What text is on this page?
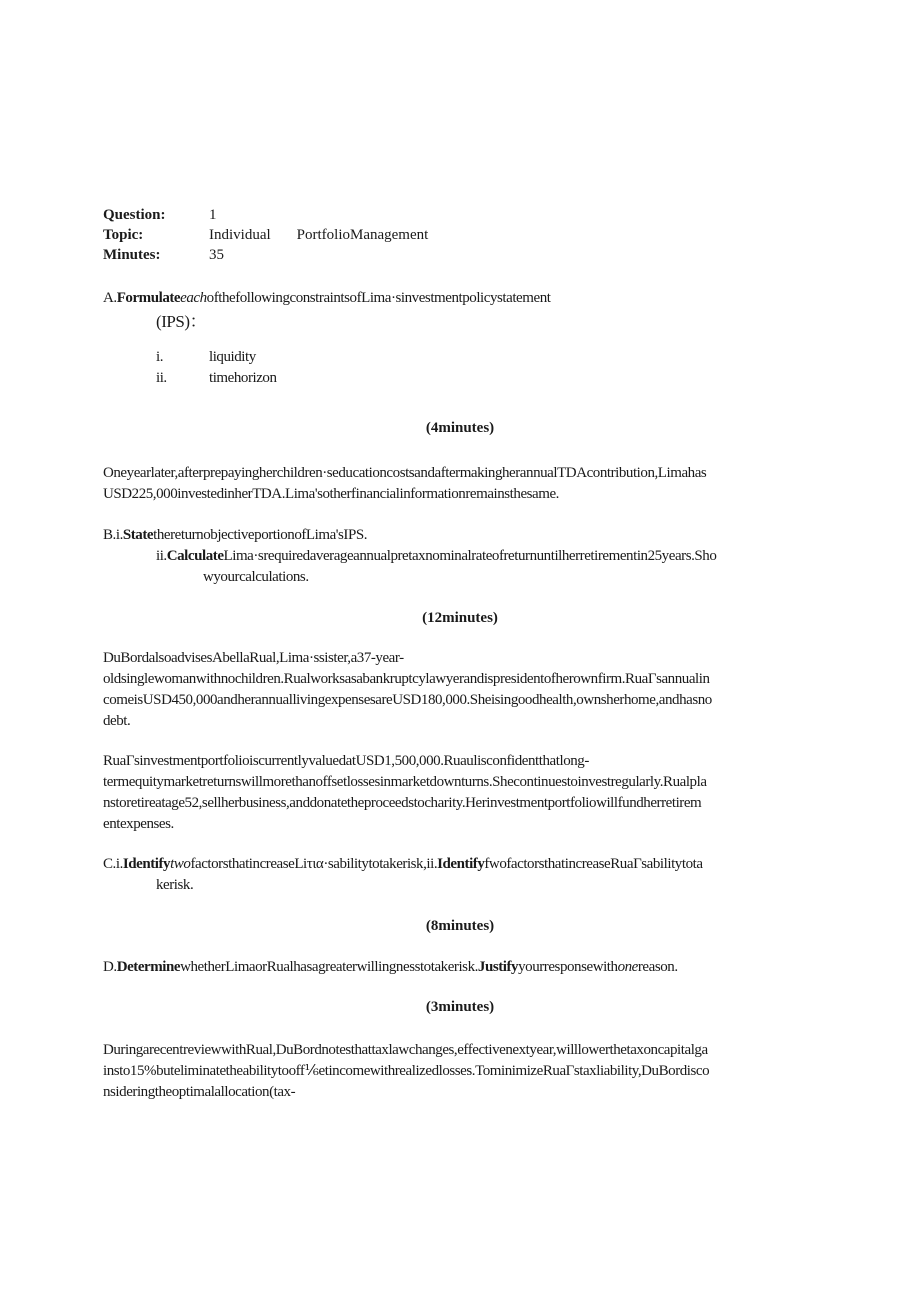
Question:	1
Topic:	Individual PortfolioManagement
Minutes:	35
A.FormulateeachofthefollowingconstraintsofLima·sinvestmentpolicystatement
(IPS)：
i.	liquidity
ii.	timehorizon
(4minutes)
Oneyearlater,afterprepayingherchildren·seducationcostsandaftermakingherannualTDAcontribution,Limahas
USD225,000investedinherTDA.Lima'sotherfinancialinformationremainsthesame.
B.i.StatethereturnobjectiveportionofLima'sIPS.
ii.CalculateLima·srequiredaverageannualpretaxnominalrateofreturnuntilherretirementin25years.Sho
wyourcalculations.
(12minutes)
DuBordalsoadvisesAbellaRual,Lima·ssister,a37-year-
oldsinglewomanwithnochildren.Rualworksasabankruptcylawyerandispresidentofherownfirm.RuaΓsannualin
comeisUSD450,000andherannuallivingexpensesareUSD180,000.Sheisingoodhealth,ownsherhome,andhasno
debt.
RuaΓsinvestmentportfolioiscurrentlyvaluedatUSD1,500,000.Ruaulisconfidentthatlong-
termequitymarketreturnswillmorethanoffsetlossesinmarketdownturns.Shecontinuestoinvestregularly.Rualpla
nstoretireatage52,sellherbusiness,anddonatetheproceedstocharity.Herinvestmentportfoliowillfundherretirem
entexpenses.
C.i.IdentifytwofactorsthatincreaseLiτια·sabilitytotakerisk,ii.IdentifyfwofactorsthatincreaseRuaΓsabilitytota
kerisk.
(8minutes)
D.DeterminewhetherLimaorRualhasagreaterwillingnesstotakerisk.Justifyyourresponsewithonereason.
(3minutes)
DuringarecentreviewwithRual,DuBordnotesthattaxlawchanges,effectivenextyear,willlowerthetaxoncapitalga
insto15%buteliminatetheabilitytooff⅙etincomewithrealizedlosses.TominimizeRuaΓstaxliability,DuBordisco
nsideringtheoptimalallocation(tax-
